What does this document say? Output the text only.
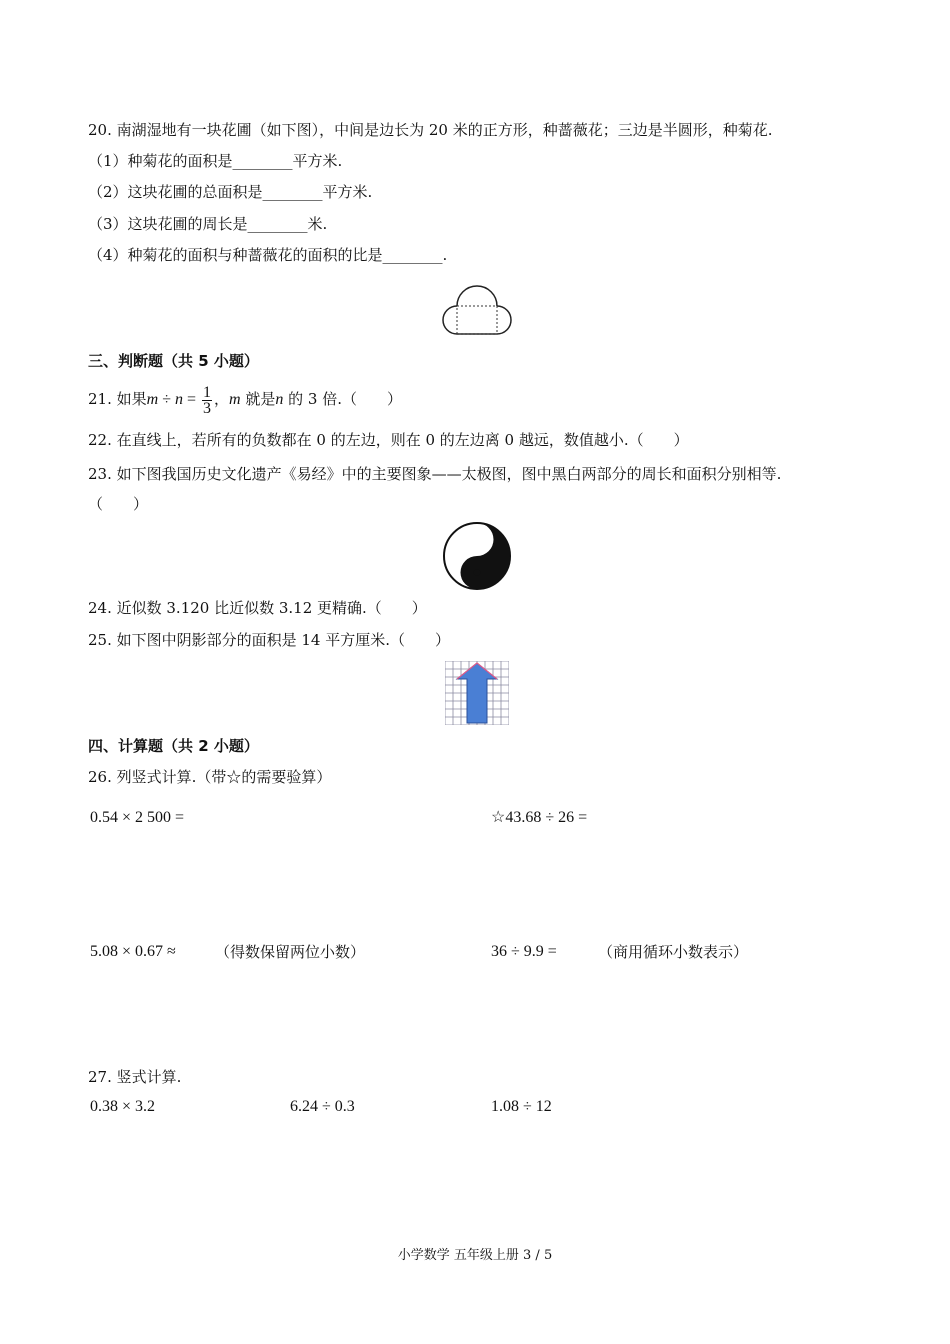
20. 南湖湿地有一块花圃（如下图），中间是边长为 20 米的正方形，种蔷薇花；三边是半圆形，种菊花.
（1）种菊花的面积是________平方米.
（2）这块花圃的总面积是________平方米.
（3）这块花圃的周长是________米.
（4）种菊花的面积与种蔷薇花的面积的比是________.
三、判断题（共 5 小题）
21. 如果$m \div n = \frac{1}{3}$ ，m 就是n 的 3 倍.（　　）
22. 在直线上，若所有的负数都在 0 的左边，则在 0 的左边离 0 越远，数值越小.（　　）
23. 如下图我国历史文化遗产《易经》中的主要图象——太极图，图中黑白两部分的周长和面积分别相等.
（　　）
24. 近似数 3.120 比近似数 3.12 更精确.（　　）
25. 如下图中阴影部分的面积是 14 平方厘米.（　　）
四、计算题（共 2 小题）
26. 列竖式计算.（带☆的需要验算）
0.54 × 2 500 =	☆43.68 ÷ 26 =
5.08 × 0.67 ≈	（得数保留两位小数）	36 ÷ 9.9 =	（商用循环小数表示）
27. 竖式计算.
0.38 × 3.2	6.24 ÷ 0.3	1.08 ÷ 12
小学数学 五年级上册 3 / 5
